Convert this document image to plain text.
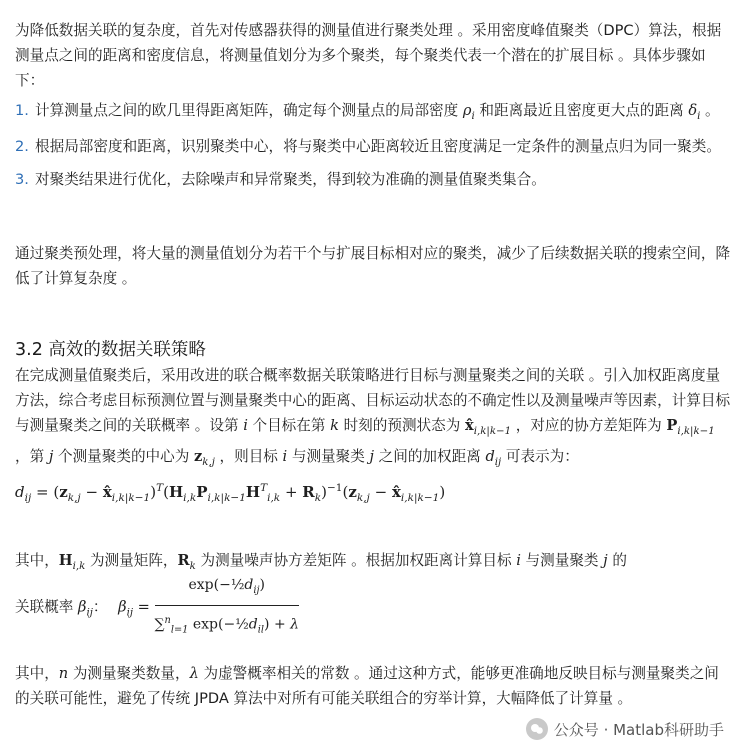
为降低数据关联的复杂度，首先对传感器获得的测量值进行聚类处理 。采用密度峰值聚类（DPC）算法，根据测量点之间的距离和密度信息，将测量值划分为多个聚类，每个聚类代表一个潜在的扩展目标 。具体步骤如下：

1. 计算测量点之间的欧几里得距离矩阵，确定每个测量点的局部密度 $\rho_i$ 和距离最近且密度更大点的距离 $\delta_i$ 。
2. 根据局部密度和距离，识别聚类中心，将与聚类中心距离较近且密度满足一定条件的测量点归为同一聚类。
3. 对聚类结果进行优化，去除噪声和异常聚类，得到较为准确的测量值聚类集合。

通过聚类预处理，将大量的测量值划分为若干个与扩展目标相对应的聚类，减少了后续数据关联的搜索空间，降低了计算复杂度 。

3.2 高效的数据关联策略

在完成测量值聚类后，采用改进的联合概率数据关联策略进行目标与测量聚类之间的关联 。引入加权距离度量方法，综合考虑目标预测位置与测量聚类中心的距离、目标运动状态的不确定性以及测量噪声等因素，计算目标与测量聚类之间的关联概率 。设第 i 个目标在第 k 时刻的预测状态为 $x̂_{i,k|k-1}$ ，对应的协方差矩阵为 $P_{i,k|k-1}$ ，第 j 个测量聚类的中心为 $z_{k,j}$ ，则目标 i 与测量聚类 j 之间的加权距离 $d_{ij}$ 可表示为：

$d_{ij} = (z_{k,j}$ − $x̂_{i,k|k-1})^T(H_{i,k}P_{i,k|k-1}H^T_{i,k} + R_k)^{-1}(z_{k,j}$ − $x̂_{i,k|k-1}$)

其中，$H_{i,k}$ 为测量矩阵，$R_k$ 为测量噪声协方差矩阵 。根据加权距离计算目标 i 与测量聚类 j 的

关联概率 $\beta_{ij}$： $\beta_{ij} = \frac{\exp(-\frac{1}{2}d_{ij})}{\sum^n_{l=1} \exp(-\frac{1}{2}d_{il}) + \lambda}$

其中，n 为测量聚类数量，λ 为虚警概率相关的常数 。通过这种方式，能够更准确地反映目标与测量聚类之间的关联可能性，避免了传统 JPDA 算法中对所有可能关联组合的穷举计算，大幅降低了计算量 。

公众号 · Matlab科研助手
